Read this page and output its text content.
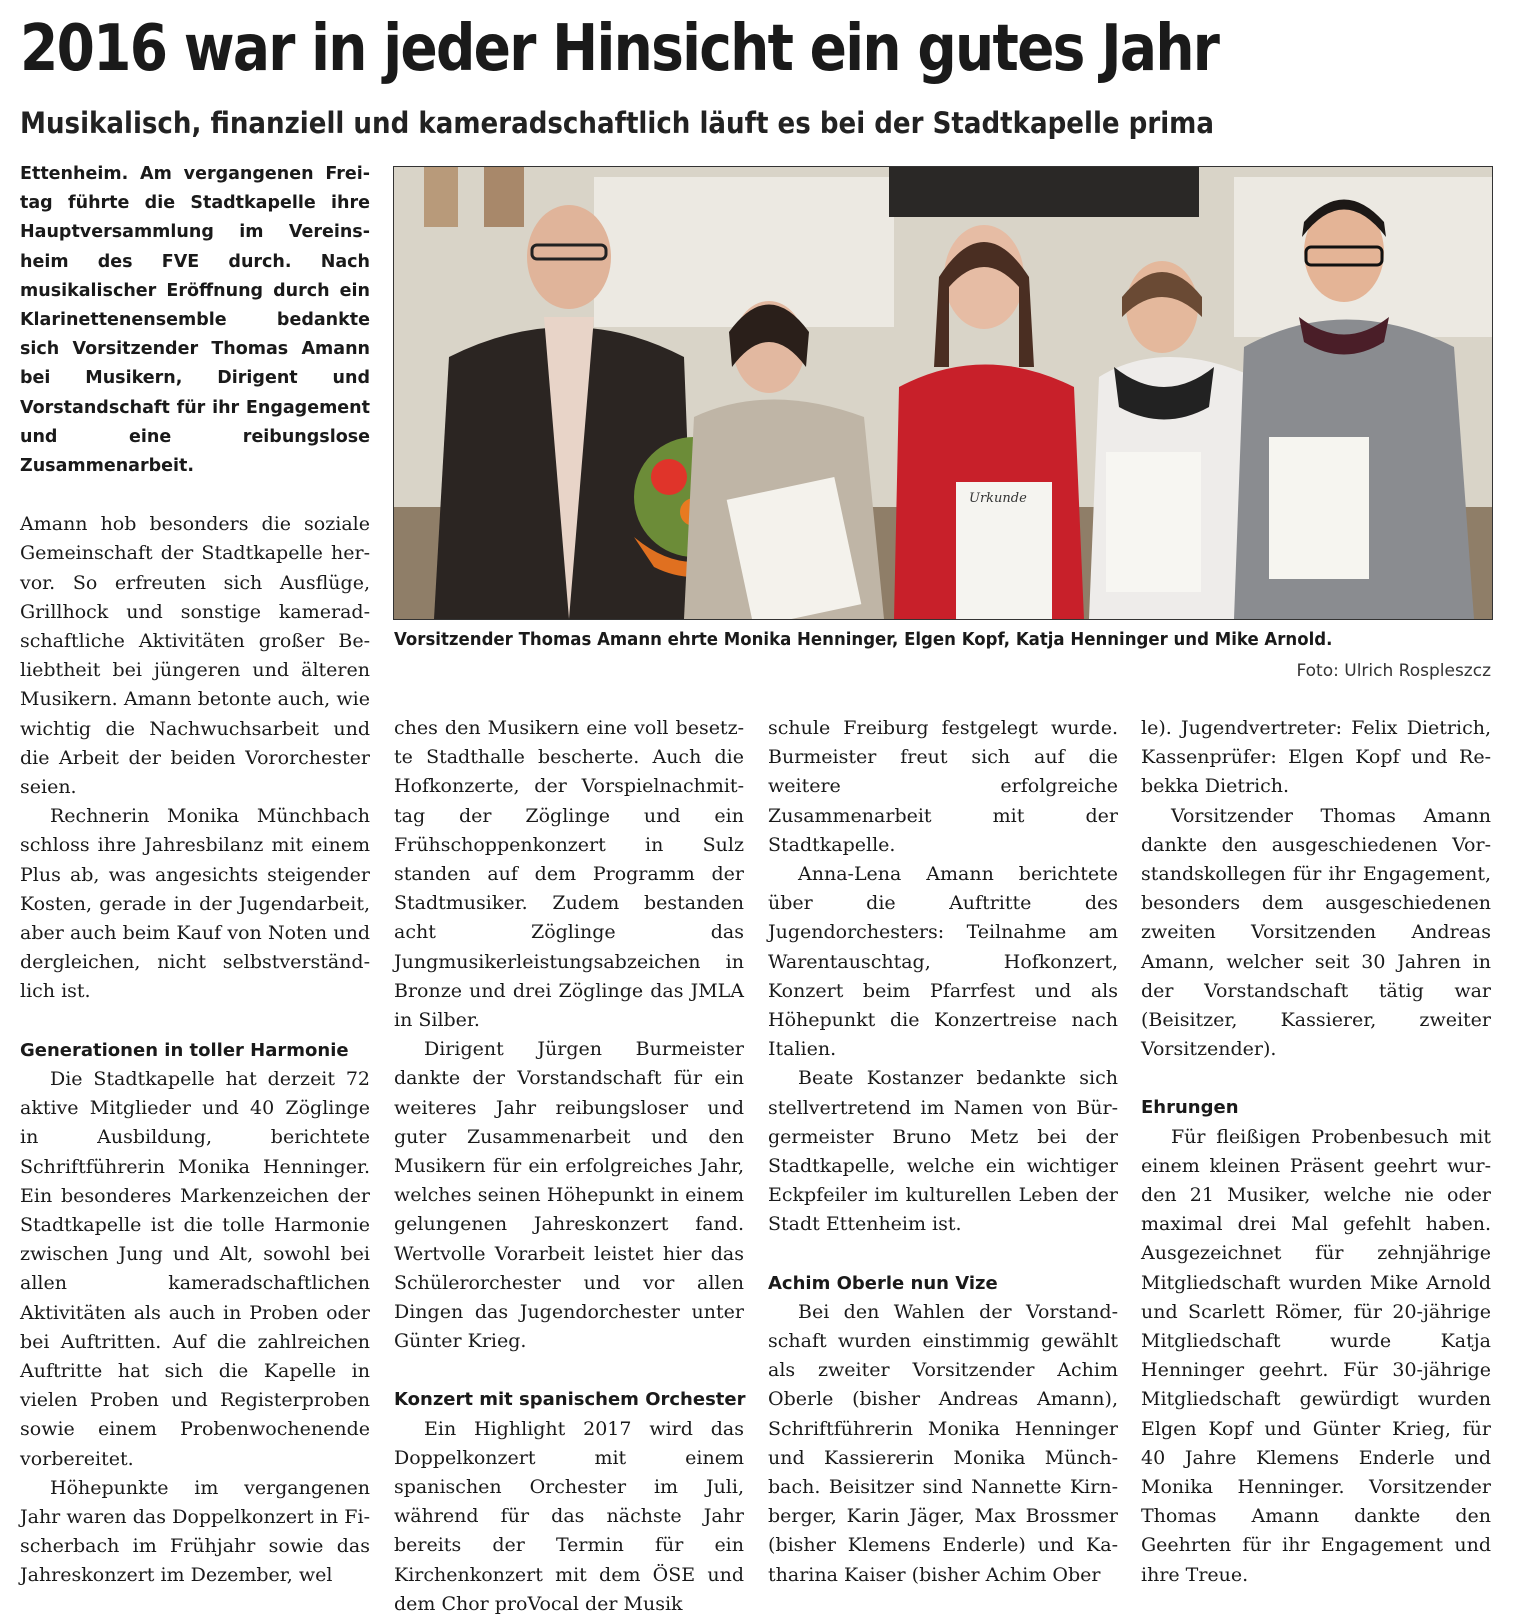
2016 war in jeder Hinsicht ein gutes Jahr
Musikalisch, finanziell und kameradschaftlich läuft es bei der Stadtkapelle prima

Ettenheim. Am vergangenen Freitag führte die Stadtkapelle ihre Hauptversammlung im Vereinsheim des FVE durch. Nach musikalischer Eröffnung durch ein Klarinettenensemble bedankte sich Vorsitzender Thomas Amann bei Musikern, Dirigent und Vorstandschaft für ihr Engagement und eine reibungslose Zusammenarbeit.

Amann hob besonders die soziale Gemeinschaft der Stadtkapelle hervor. So erfreuten sich Ausflüge, Grillhock und sonstige kameradschaftliche Aktivitäten großer Beliebtheit bei jüngeren und älteren Musikern. Amann betonte auch, wie wichtig die Nachwuchsarbeit und die Arbeit der beiden Vororchester seien.

Rechnerin Monika Münchbach schloss ihre Jahresbilanz mit einem Plus ab, was angesichts steigender Kosten, gerade in der Jugendarbeit, aber auch beim Kauf von Noten und dergleichen, nicht selbstverständlich ist.

Generationen in toller Harmonie

Die Stadtkapelle hat derzeit 72 aktive Mitglieder und 40 Zöglinge in Ausbildung, berichtete Schriftführerin Monika Henninger. Ein besonderes Markenzeichen der Stadtkapelle ist die tolle Harmonie zwischen Jung und Alt, sowohl bei allen kameradschaftlichen Aktivitäten als auch in Proben oder bei Auftritten. Auf die zahlreichen Auftritte hat sich die Kapelle in vielen Proben und Registerproben sowie einem Probenwochenende vorbereitet.

Höhepunkte im vergangenen Jahr waren das Doppelkonzert in Fischerbach im Frühjahr sowie das Jahreskonzert im Dezember, wel

Urkunde
Vorsitzender Thomas Amann ehrte Monika Henninger, Elgen Kopf, Katja Henninger und Mike Arnold.
Foto: Ulrich Rospleszcz

ches den Musikern eine voll besetzte Stadthalle bescherte. Auch die Hofkonzerte, der Vorspielnachmittag der Zöglinge und ein Frühschoppenkonzert in Sulz standen auf dem Programm der Stadtmusiker. Zudem bestanden acht Zöglinge das Jungmusikerleistungsabzeichen in Bronze und drei Zöglinge das JMLA in Silber.

Dirigent Jürgen Burmeister dankte der Vorstandschaft für ein weiteres Jahr reibungsloser und guter Zusammenarbeit und den Musikern für ein erfolgreiches Jahr, welches seinen Höhepunkt in einem gelungenen Jahreskonzert fand. Wertvolle Vorarbeit leistet hier das Schülerorchester und vor allen Dingen das Jugendorchester unter Günter Krieg.

Konzert mit spanischem Orchester

Ein Highlight 2017 wird das Doppelkonzert mit einem spanischen Orchester im Juli, während für das nächste Jahr bereits der Termin für ein Kirchenkonzert mit dem ÖSE und dem Chor proVocal der Musik

schule Freiburg festgelegt wurde. Burmeister freut sich auf die weitere erfolgreiche Zusammenarbeit mit der Stadtkapelle.

Anna-Lena Amann berichtete über die Auftritte des Jugendorchesters: Teilnahme am Warentauschtag, Hofkonzert, Konzert beim Pfarrfest und als Höhepunkt die Konzertreise nach Italien.

Beate Kostanzer bedankte sich stellvertretend im Namen von Bürgermeister Bruno Metz bei der Stadtkapelle, welche ein wichtiger Eckpfeiler im kulturellen Leben der Stadt Ettenheim ist.

Achim Oberle nun Vize

Bei den Wahlen der Vorstandschaft wurden einstimmig gewählt als zweiter Vorsitzender Achim Oberle (bisher Andreas Amann), Schriftführerin Monika Henninger und Kassiererin Monika Münchbach. Beisitzer sind Nannette Kirnberger, Karin Jäger, Max Brossmer (bisher Klemens Enderle) und Katharina Kaiser (bisher Achim Ober

le). Jugendvertreter: Felix Dietrich, Kassenprüfer: Elgen Kopf und Rebekka Dietrich.

Vorsitzender Thomas Amann dankte den ausgeschiedenen Vorstandskollegen für ihr Engagement, besonders dem ausgeschiedenen zweiten Vorsitzenden Andreas Amann, welcher seit 30 Jahren in der Vorstandschaft tätig war (Beisitzer, Kassierer, zweiter Vorsitzender).

Ehrungen

Für fleißigen Probenbesuch mit einem kleinen Präsent geehrt wurden 21 Musiker, welche nie oder maximal drei Mal gefehlt haben. Ausgezeichnet für zehnjährige Mitgliedschaft wurden Mike Arnold und Scarlett Römer, für 20-jährige Mitgliedschaft wurde Katja Henninger geehrt. Für 30-jährige Mitgliedschaft gewürdigt wurden Elgen Kopf und Günter Krieg, für 40 Jahre Klemens Enderle und Monika Henninger. Vorsitzender Thomas Amann dankte den Geehrten für ihr Engagement und ihre Treue.
